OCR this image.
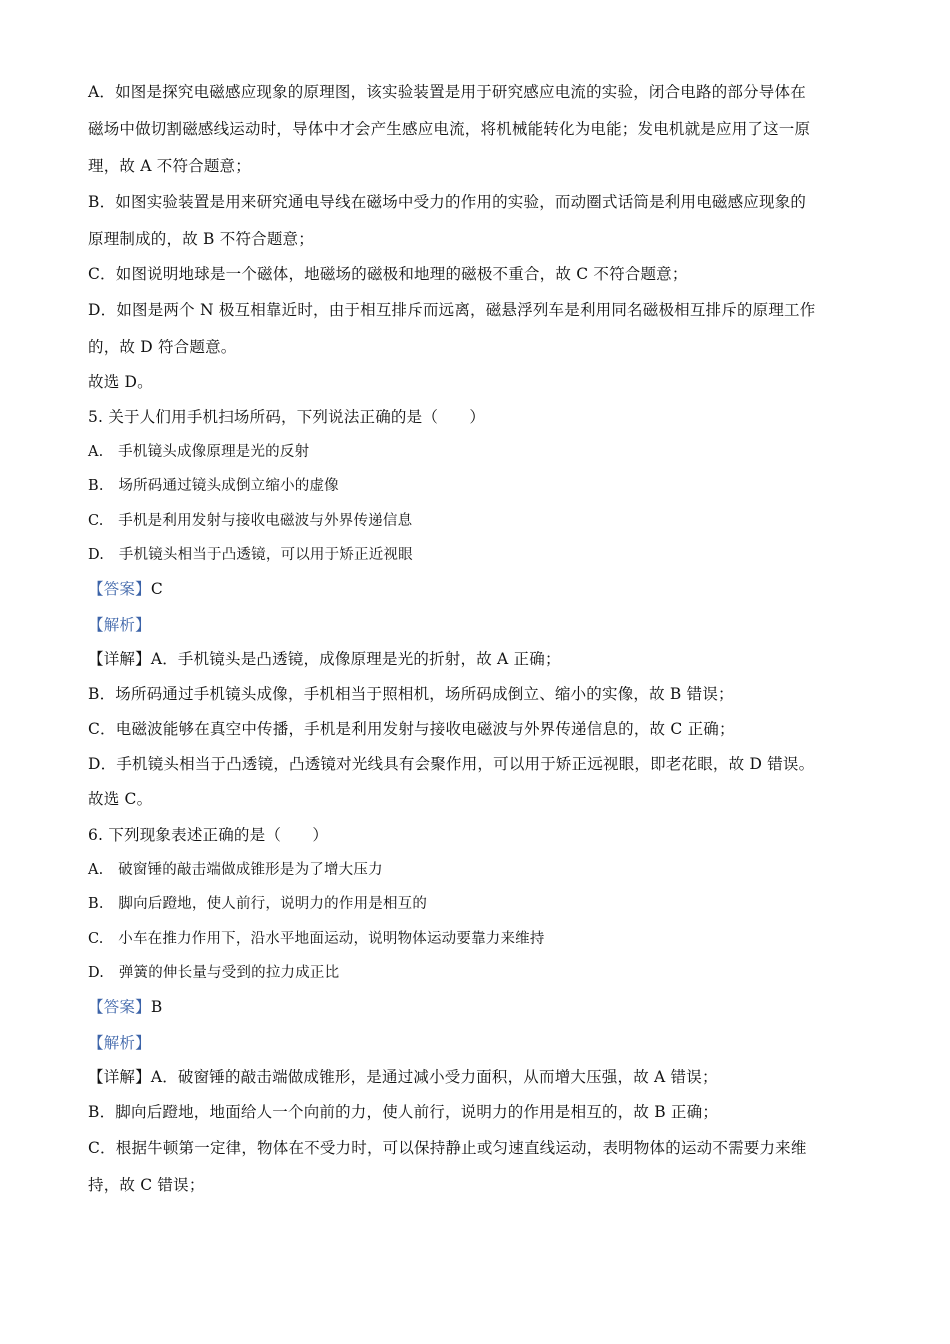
A．如图是探究电磁感应现象的原理图，该实验装置是用于研究感应电流的实验，闭合电路的部分导体在
磁场中做切割磁感线运动时，导体中才会产生感应电流，将机械能转化为电能；发电机就是应用了这一原
理，故 A 不符合题意；
B．如图实验装置是用来研究通电导线在磁场中受力的作用的实验，而动圈式话筒是利用电磁感应现象的
原理制成的，故 B 不符合题意；
C．如图说明地球是一个磁体，地磁场的磁极和地理的磁极不重合，故 C 不符合题意；
D．如图是两个 N 极互相靠近时，由于相互排斥而远离，磁悬浮列车是利用同名磁极相互排斥的原理工作
的，故 D 符合题意。
故选 D。
5. 关于人们用手机扫场所码，下列说法正确的是（　　）
A.　手机镜头成像原理是光的反射
B.　场所码通过镜头成倒立缩小的虚像
C.　手机是利用发射与接收电磁波与外界传递信息
D.　手机镜头相当于凸透镜，可以用于矫正近视眼
【答案】C
【解析】
【详解】A．手机镜头是凸透镜，成像原理是光的折射，故 A 正确；
B．场所码通过手机镜头成像，手机相当于照相机，场所码成倒立、缩小的实像，故 B 错误；
C．电磁波能够在真空中传播，手机是利用发射与接收电磁波与外界传递信息的，故 C 正确；
D．手机镜头相当于凸透镜，凸透镜对光线具有会聚作用，可以用于矫正远视眼，即老花眼，故 D 错误。
故选 C。
6. 下列现象表述正确的是（　　）
A.　破窗锤的敲击端做成锥形是为了增大压力
B.　脚向后蹬地，使人前行，说明力的作用是相互的
C.　小车在推力作用下，沿水平地面运动，说明物体运动要靠力来维持
D.　弹簧的伸长量与受到的拉力成正比
【答案】B
【解析】
【详解】A．破窗锤的敲击端做成锥形，是通过减小受力面积，从而增大压强，故 A 错误；
B．脚向后蹬地，地面给人一个向前的力，使人前行，说明力的作用是相互的，故 B 正确；
C．根据牛顿第一定律，物体在不受力时，可以保持静止或匀速直线运动，表明物体的运动不需要力来维
持，故 C 错误；
